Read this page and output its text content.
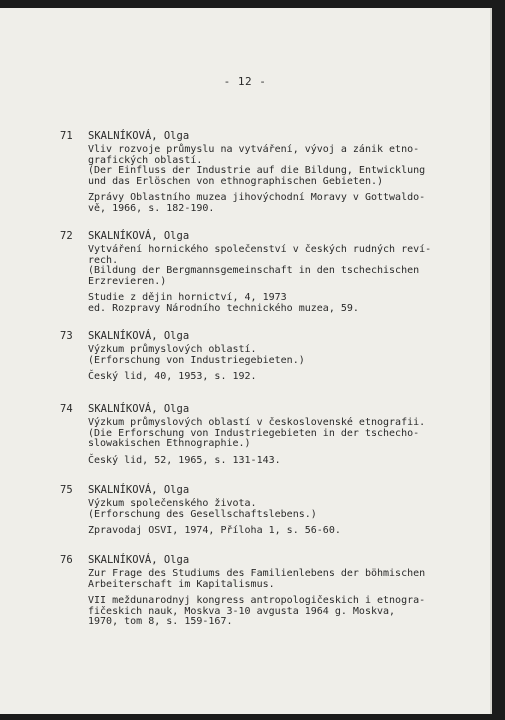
- 12 -
71 SKALNÍKOVÁ, Olga
Vliv rozvoje průmyslu na vytváření, vývoj a zánik etno-
grafických oblastí.
(Der Einfluss der Industrie auf die Bildung, Entwicklung
und das Erlöschen von ethnographischen Gebieten.)
Zprávy Oblastního muzea jihovýchodní Moravy v Gottwaldo-
vě, 1966, s. 182-190.
72 SKALNÍKOVÁ, Olga
Vytváření hornického společenství v českých rudných reví-
rech.
(Bildung der Bergmannsgemeinschaft in den tschechischen
Erzrevieren.)
Studie z dějin hornictví, 4, 1973
ed. Rozpravy Národního technického muzea, 59.
73 SKALNÍKOVÁ, Olga
Výzkum průmyslových oblastí.
(Erforschung von Industriegebieten.)
Český lid, 40, 1953, s. 192.
74 SKALNÍKOVÁ, Olga
Výzkum průmyslových oblastí v československé etnografii.
(Die Erforschung von Industriegebieten in der tschecho-
slowakischen Ethnographie.)
Český lid, 52, 1965, s. 131-143.
75 SKALNÍKOVÁ, Olga
Výzkum společenského života.
(Erforschung des Gesellschaftslebens.)
Zpravodaj OSVI, 1974, Příloha 1, s. 56-60.
76 SKALNÍKOVÁ, Olga
Zur Frage des Studiums des Familienlebens der böhmischen
Arbeiterschaft im Kapitalismus.
VII meždunarodnyj kongress antropologičeskich i etnogra-
fičeskich nauk, Moskva 3-10 avgusta 1964 g. Moskva,
1970, tom 8, s. 159-167.
